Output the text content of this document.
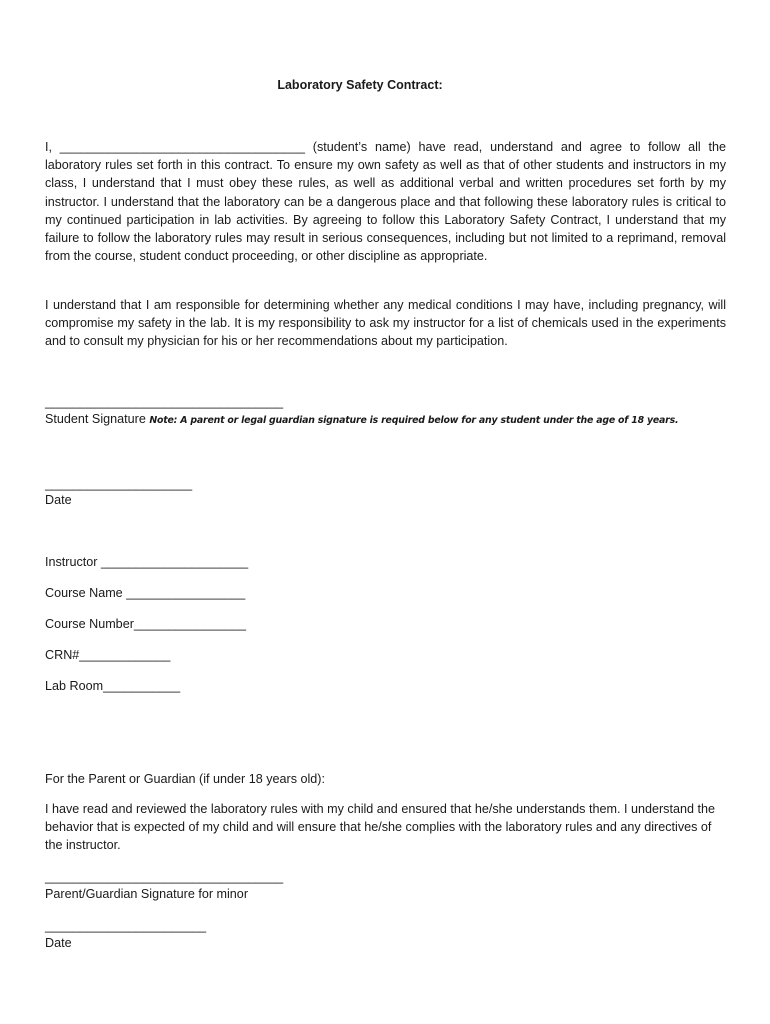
Laboratory Safety Contract:

I, ___________________________________ (student’s name) have read, understand and agree to follow all the laboratory rules set forth in this contract. To ensure my own safety as well as that of other students and instructors in my class, I understand that I must obey these rules, as well as additional verbal and written procedures set forth by my instructor. I understand that the laboratory can be a dangerous place and that following these laboratory rules is critical to my continued participation in lab activities. By agreeing to follow this Laboratory Safety Contract, I understand that my failure to follow the laboratory rules may result in serious consequences, including but not limited to a reprimand, removal from the course, student conduct proceeding, or other discipline as appropriate.

I understand that I am responsible for determining whether any medical conditions I may have, including pregnancy, will compromise my safety in the lab. It is my responsibility to ask my instructor for a list of chemicals used in the experiments and to consult my physician for his or her recommendations about my participation.

__________________________________
Student Signature Note: A parent or legal guardian signature is required below for any student under the age of 18 years.
_____________________
Date
Instructor _____________________
Course Name _________________
Course Number________________
CRN#_____________
Lab Room___________
For the Parent or Guardian (if under 18 years old):

I have read and reviewed the laboratory rules with my child and ensured that he/she understands them. I understand the behavior that is expected of my child and will ensure that he/she complies with the laboratory rules and any directives of the instructor.

__________________________________
Parent/Guardian Signature for minor
_______________________
Date
